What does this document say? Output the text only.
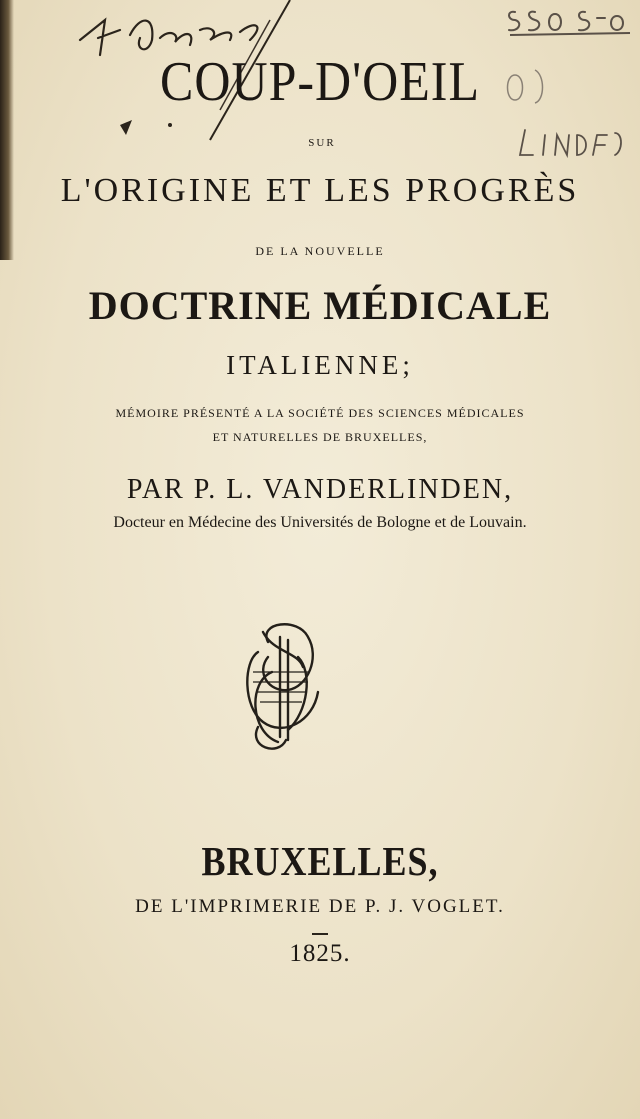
COUP-D'OEIL
SUR
L'ORIGINE ET LES PROGRÈS
DE LA NOUVELLE
DOCTRINE MÉDICALE
ITALIENNE;
MÉMOIRE PRÉSENTÉ A LA SOCIÉTÉ DES SCIENCES MÉDICALES
ET NATURELLES DE BRUXELLES,
PAR P. L. VANDERLINDEN,
Docteur en Médecine des Universités de Bologne et de Louvain.
BRUXELLES,
DE L'IMPRIMERIE DE P. J. VOGLET.
1825.
